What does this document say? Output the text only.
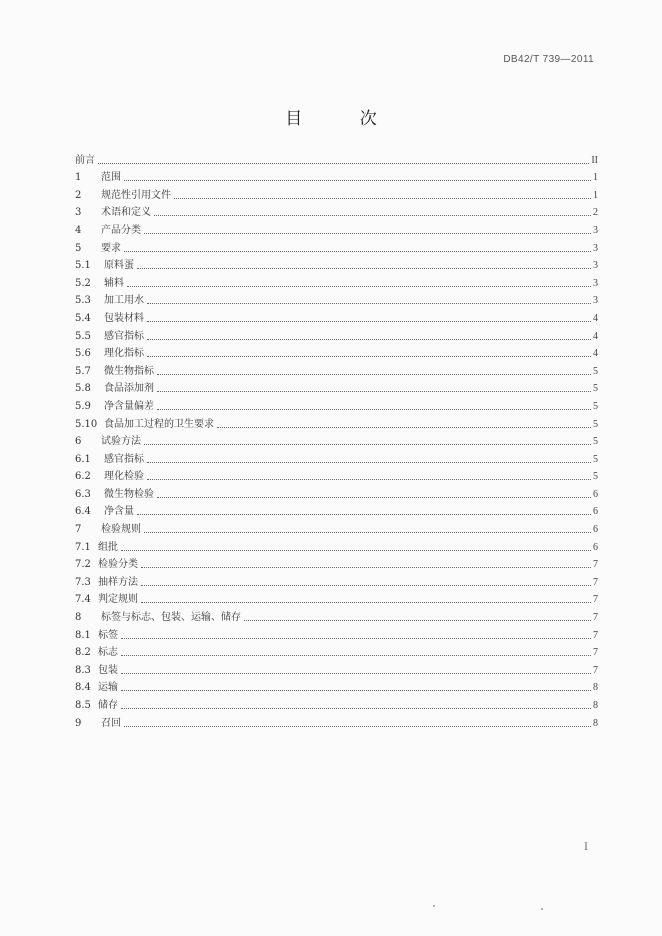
DB42/T 739—2011
目 次
前言	II
1	范围	1
2	规范性引用文件	1
3	术语和定义	2
4	产品分类	3
5	要求	3
5.1	原料蛋	3
5.2	辅料	3
5.3	加工用水	3
5.4	包装材料	4
5.5	感官指标	4
5.6	理化指标	4
5.7	微生物指标	5
5.8	食品添加剂	5
5.9	净含量偏差	5
5.10 食品加工过程的卫生要求	5
6	试验方法	5
6.1	感官指标	5
6.2	理化检验	5
6.3	微生物检验	6
6.4	净含量	6
7	检验规则	6
7.1 组批	6
7.2 检验分类	7
7.3 抽样方法	7
7.4 判定规则	7
8	标签与标志、包装、运输、储存	7
8.1 标签	7
8.2 标志	7
8.3 包装	7
8.4 运输	8
8.5 储存	8
9	召回	8
I
